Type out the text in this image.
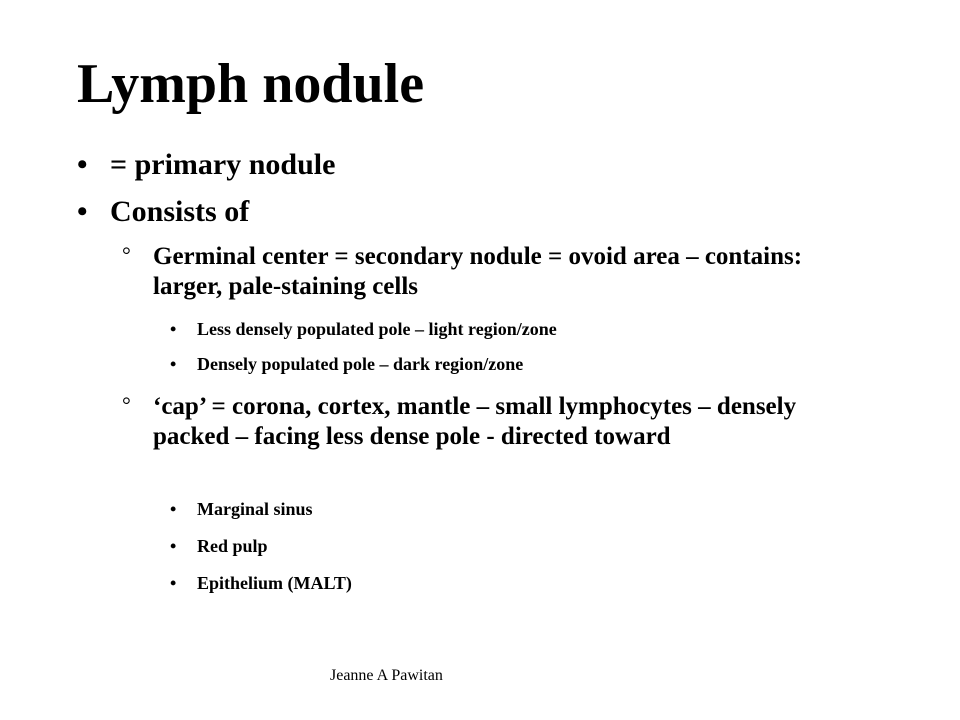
Lymph nodule
• = primary nodule
• Consists of
° Germinal center = secondary nodule = ovoid area – contains: larger, pale-staining cells
• Less densely populated pole – light region/zone
• Densely populated pole – dark region/zone
° ‘cap’ = corona, cortex, mantle – small lymphocytes – densely packed – facing less dense pole - directed toward
• Marginal sinus
• Red pulp
• Epithelium (MALT)
Jeanne A Pawitan
